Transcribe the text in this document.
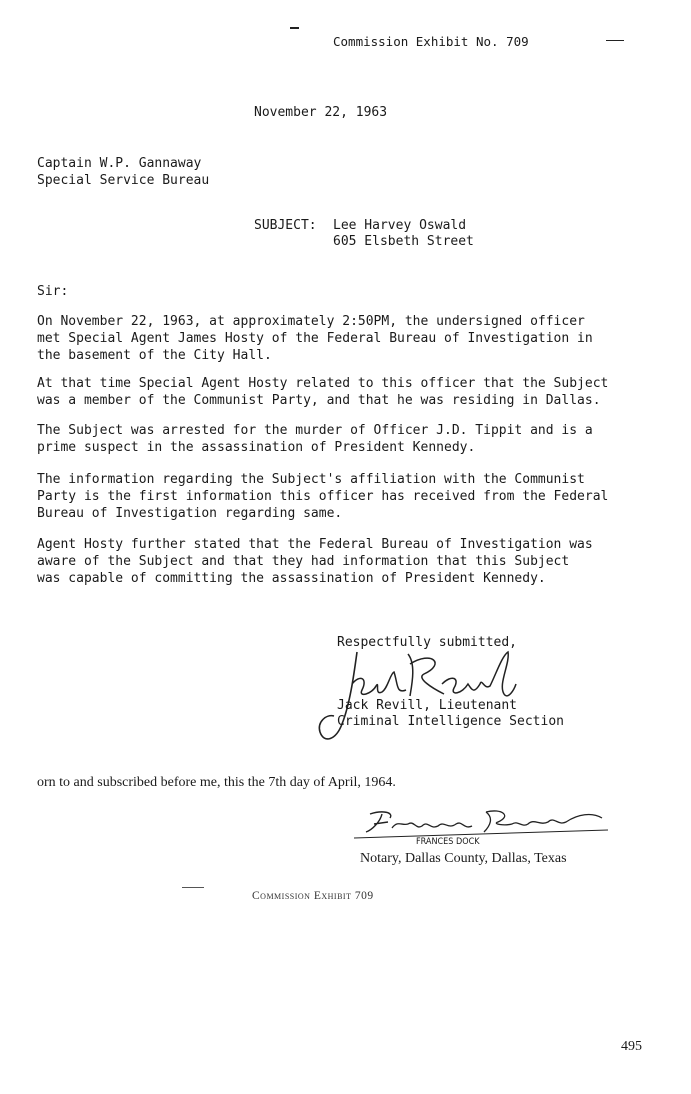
Commission Exhibit No. 709
November 22, 1963
Captain W.P. Gannaway
Special Service Bureau
SUBJECT: Lee Harvey Oswald
605 Elsbeth Street
Sir:
On November 22, 1963, at approximately 2:50PM, the undersigned officer
met Special Agent James Hosty of the Federal Bureau of Investigation in
the basement of the City Hall.
At that time Special Agent Hosty related to this officer that the Subject
was a member of the Communist Party, and that he was residing in Dallas.
The Subject was arrested for the murder of Officer J.D. Tippit and is a
prime suspect in the assassination of President Kennedy.
The information regarding the Subject's affiliation with the Communist
Party is the first information this officer has received from the Federal
Bureau of Investigation regarding same.
Agent Hosty further stated that the Federal Bureau of Investigation was
aware of the Subject and that they had information that this Subject
was capable of committing the assassination of President Kennedy.
Respectfully submitted,
Jack Revill, Lieutenant
Criminal Intelligence Section
orn to and subscribed before me, this the 7th day of April, 1964.
FRANCES DOCK
Notary, Dallas County, Dallas, Texas
Commission Exhibit 709
495
